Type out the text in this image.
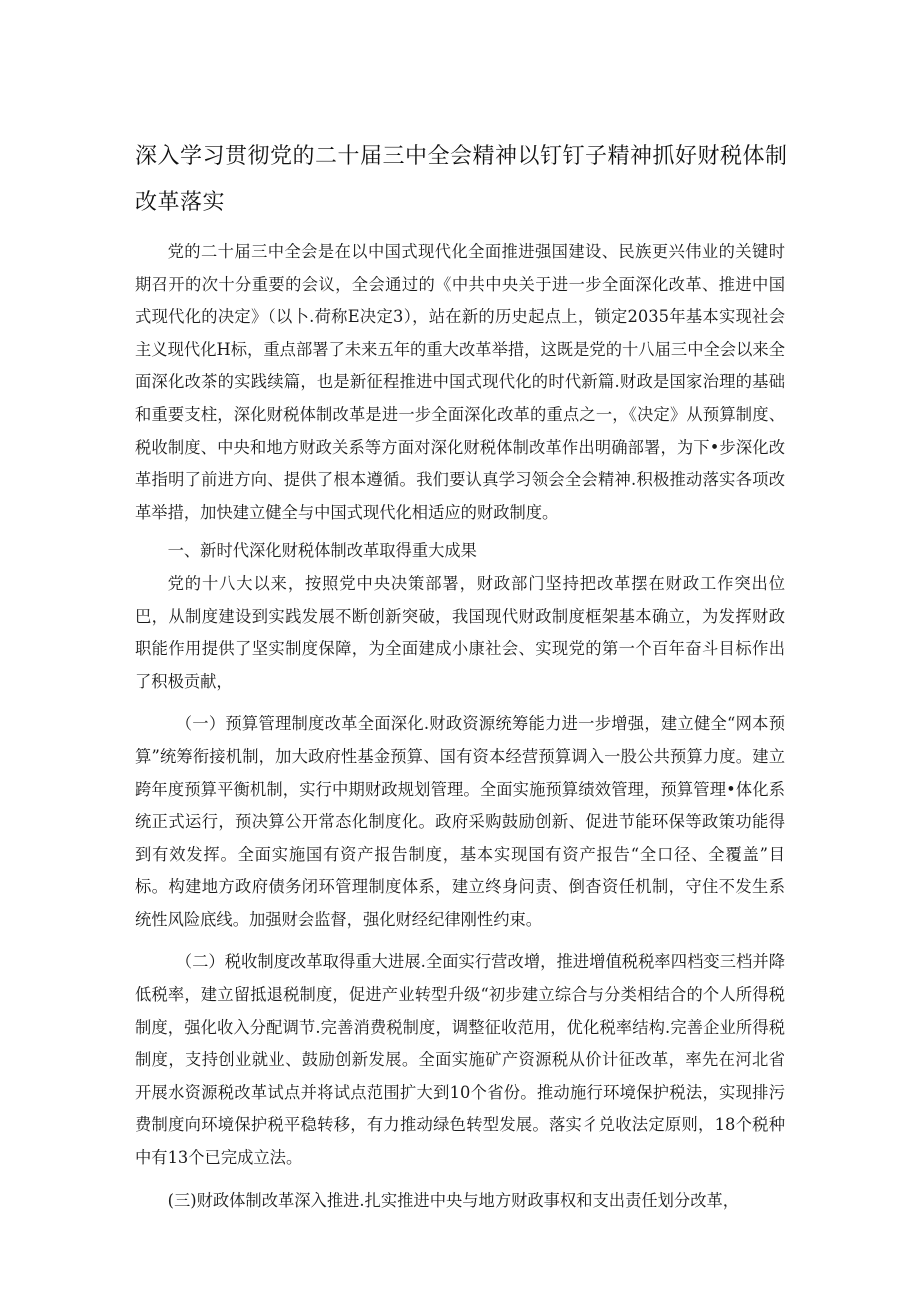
深入学习贯彻党的二十届三中全会精神以钉钉子精神抓好财税体制改革落实

党的二十届三中全会是在以中国式现代化全面推进强国建设、民族更兴伟业的关键时期召开的次十分重要的会议，全会通过的《中共中央关于进一步全面深化改革、推进中国式现代化的决定》（以卜.荷称E决定3），站在新的历史起点上，锁定2035年基本实现社会主义现代化H标，重点部署了未来五年的重大改革举措，这既是党的十八届三中全会以来全面深化改茶的实践续篇，也是新征程推进中国式现代化的时代新篇.财政是国家治理的基础和重要支柱，深化财税体制改革是进一步全面深化改革的重点之一，《决定》从预算制度、税收制度、中央和地方财政关系等方面对深化财税体制改革作出明确部署，为下•步深化改革指明了前进方向、提供了根本遵循。我们要认真学习领会全会精神.积极推动落实各项改革举措，加快建立健全与中国式现代化相适应的财政制度。

一、新时代深化财税体制改革取得重大成果

党的十八大以来，按照党中央决策部署，财政部门坚持把改革摆在财政工作突出位巴，从制度建设到实践发展不断创新突破，我国现代财政制度框架基本确立，为发挥财政职能作用提供了坚实制度保障，为全面建成小康社会、实现党的第一个百年奋斗目标作出了积极贡献，

（一）预算管理制度改革全面深化.财政资源统筹能力进一步增强，建立健全“网本预算”统筹衔接机制，加大政府性基金预算、国有资本经营预算调入一股公共预算力度。建立跨年度预算平衡机制，实行中期财政规划管理。全面实施预算绩效管理，预算管理•体化系统正式运行，预决算公开常态化制度化。政府采购鼓励创新、促进节能环保等政策功能得到有效发挥。全面实施国有资产报告制度，基本实现国有资产报告“全口径、全覆盖”目标。构建地方政府债务闭环管理制度体系，建立终身问责、倒杳资任机制，守住不发生系统性风险底线。加强财会监督，强化财经纪律刚性约束。

（二）税收制度改革取得重大进展.全面实行营改增，推进增值税税率四档变三档并降低税率，建立留抵退税制度，促进产业转型升级“初步建立综合与分类相结合的个人所得税制度，强化收入分配调节.完善消费税制度，调整征收范用，优化税率结构.完善企业所得税制度，支持创业就业、鼓励创新发展。全面实施矿产资源税从价计征改革，率先在河北省开展水资源税改革试点并将试点范围扩大到10个省份。推动施行环境保护税法，实现排污费制度向环境保护税平稳转移，有力推动绿色转型发展。落实彳兑收法定原则，18个税种中有13个已完成立法。

(三)财政体制改革深入推进.扎实推进中央与地方财政事权和支出责任划分改革，
